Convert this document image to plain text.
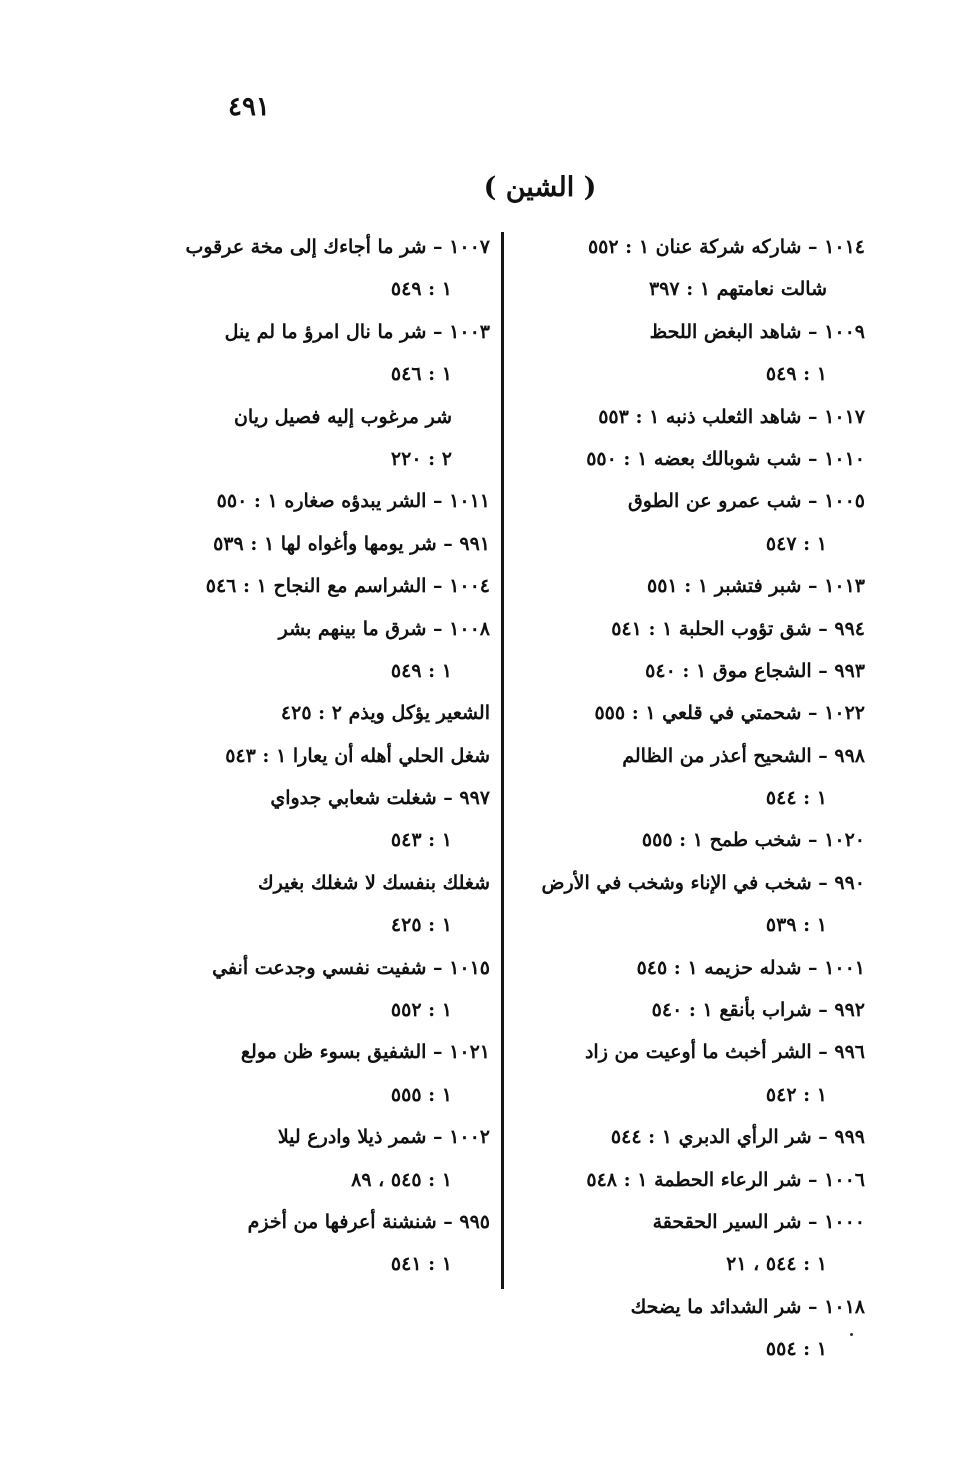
٤٩١
( الشين )
١٠١٤ – شاركه شركة عنان ١ : ٥٥٢
شالت نعامتهم ١ : ٣٩٧
١٠٠٩ – شاهد البغض اللحظ
١ : ٥٤٩
١٠١٧ – شاهد الثعلب ذنبه ١ : ٥٥٣
١٠١٠ – شب شوبالك بعضه ١ : ٥٥٠
١٠٠٥ – شب عمرو عن الطوق
١ : ٥٤٧
١٠١٣ – شبر فتشبر ١ : ٥٥١
٩٩٤ – شق تؤوب الحلبة ١ : ٥٤١
٩٩٣ – الشجاع موق ١ : ٥٤٠
١٠٢٢ – شحمتي في قلعي ١ : ٥٥٥
٩٩٨ – الشحيح أعذر من الظالم
١ : ٥٤٤
١٠٢٠ – شخب طمح ١ : ٥٥٥
٩٩٠ – شخب في الإناء وشخب في الأرض
١ : ٥٣٩
١٠٠١ – شدله حزيمه ١ : ٥٤٥
٩٩٢ – شراب بأنقع ١ : ٥٤٠
٩٩٦ – الشر أخبث ما أوعيت من زاد
١ : ٥٤٢
٩٩٩ – شر الرأي الدبري ١ : ٥٤٤
١٠٠٦ – شر الرعاء الحطمة ١ : ٥٤٨
١٠٠٠ – شر السير الحقحقة
١ : ٥٤٤ ، ٢١
١٠١٨ – شر الشدائد ما يضحك
١ : ٥٥٤
١٠٠٧ – شر ما أجاءك إلى مخة عرقوب
١ : ٥٤٩
١٠٠٣ – شر ما نال امرؤ ما لم ينل
١ : ٥٤٦
شر مرغوب إليه فصيل ريان
٢ : ٢٢٠
١٠١١ – الشر يبدؤه صغاره ١ : ٥٥٠
٩٩١ – شر يومها وأغواه لها ١ : ٥٣٩
١٠٠٤ – الشراسم مع النجاح ١ : ٥٤٦
١٠٠٨ – شرق ما بينهم بشر
١ : ٥٤٩
الشعير يؤكل ويذم ٢ : ٤٢٥
شغل الحلي أهله أن يعارا ١ : ٥٤٣
٩٩٧ – شغلت شعابي جدواي
١ : ٥٤٣
شغلك بنفسك لا شغلك بغيرك
١ : ٤٢٥
١٠١٥ – شفيت نفسي وجدعت أنفي
١ : ٥٥٢
١٠٢١ – الشفيق بسوء ظن مولع
١ : ٥٥٥
١٠٠٢ – شمر ذيلا وادرع ليلا
١ : ٥٤٥ ، ٨٩
٩٩٥ – شنشنة أعرفها من أخزم
١ : ٥٤١
